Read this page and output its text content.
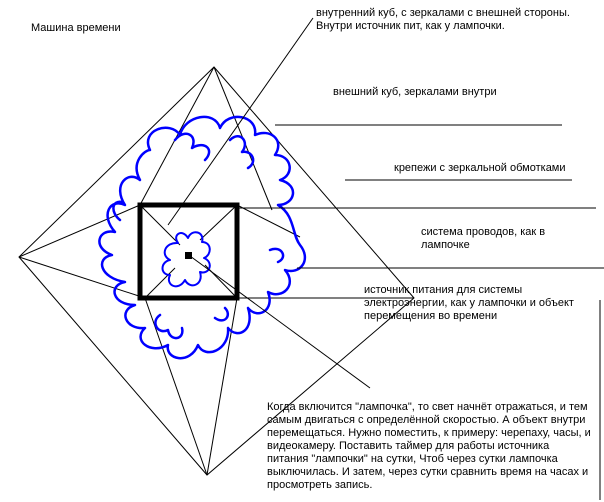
Машина времени
внутренний куб, с зеркалами с внешней стороны.
Внутри источник пит, как у лампочки.
внешний куб, зеркалами внутри
крепежи с зеркальной обмотками
система проводов, как в
лампочке
источник питания для системы
электроэнергии, как у лампочки и объект
перемещения во времени
Когда включится "лампочка", то свет начнёт отражаться, и тем
самым двигаться с определённой скоростью. А объект внутри
перемещаться. Нужно поместить, к примеру: черепаху, часы, и
видеокамеру. Поставить таймер для работы источника
питания "лампочки" на сутки, Чтоб через сутки лампочка
выключилась. И затем, через сутки сравнить время на часах и
просмотреть запись.
